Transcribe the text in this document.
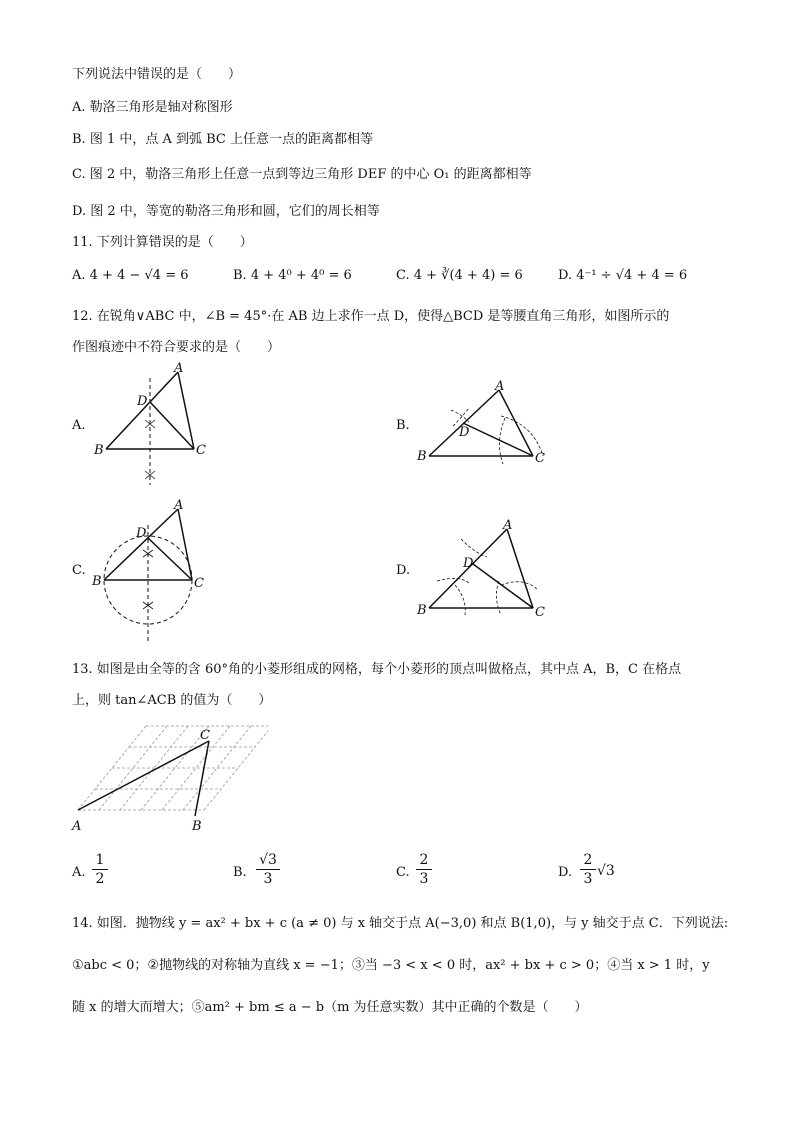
下列说法中错误的是（　　）
A. 勒洛三角形是轴对称图形
B. 图 1 中，点 A 到弧 BC 上任意一点的距离都相等
C. 图 2 中，勒洛三角形上任意一点到等边三角形 DEF 的中心 O₁ 的距离都相等
D. 图 2 中，等宽的勒洛三角形和圆，它们的周长相等
11. 下列计算错误的是（　　）
A. 4 + 4 − √4 = 6	B. 4 + 4⁰ + 4⁰ = 6	C. 4 + ∛(4 + 4) = 6	D. 4⁻¹ ÷ √4 + 4 = 6
12. 在锐角∨ABC 中，∠B = 45°·在 AB 边上求作一点 D，使得△BCD 是等腰直角三角形，如图所示的
作图痕迹中不符合要求的是（　　）
A.	B.
C.	D.
A
D
B	C
A
D
B	C
A
D
B	C
A
D
B	C
13. 如图是由全等的含 60°角的小菱形组成的网格，每个小菱形的顶点叫做格点，其中点 A，B，C 在格点
上，则 tan∠ACB 的值为（　　）
C
A	B
A.
1
2	B.
√3
3	C.
2
3	D.
2
3 √3
14. 如图．抛物线 y = ax² + bx + c (a ≠ 0) 与 x 轴交于点 A(−3,0) 和点 B(1,0)，与 y 轴交于点 C．下列说法:
①abc < 0；②抛物线的对称轴为直线 x = −1；③当 −3 < x < 0 时，ax² + bx + c > 0；④当 x > 1 时，y
随 x 的增大而增大；⑤am² + bm ≤ a − b（m 为任意实数）其中正确的个数是（　　）
